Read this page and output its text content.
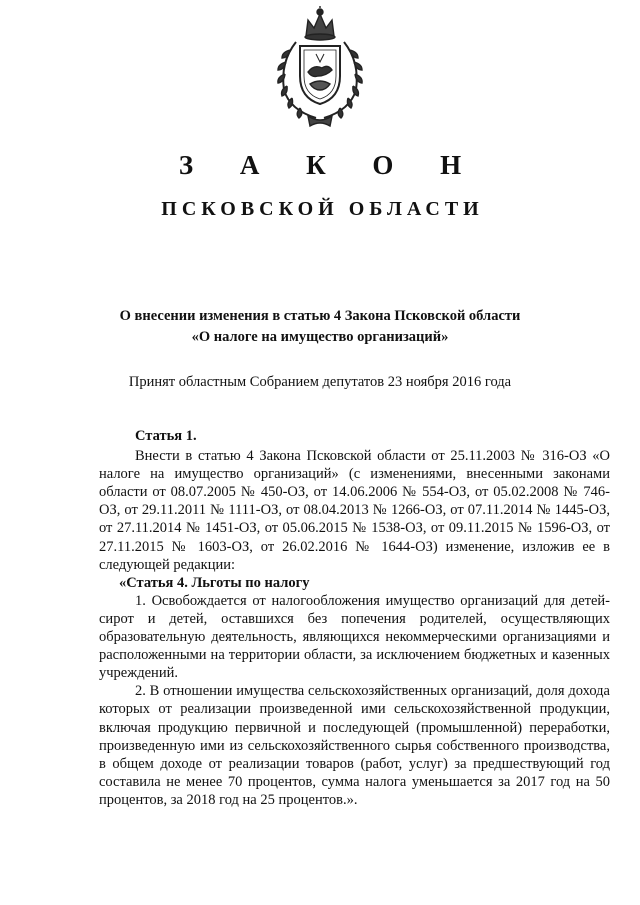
З А К О Н
ПСКОВСКОЙ ОБЛАСТИ
О внесении изменения в статью 4 Закона Псковской области
«О налоге на имущество организаций»
Принят областным Собранием депутатов 23 ноября 2016 года

Статья 1.

Внести в статью 4 Закона Псковской области от 25.11.2003 № 316-ОЗ «О налоге на имущество организаций» (с изменениями, внесенными законами области от 08.07.2005 № 450-ОЗ, от 14.06.2006 № 554-ОЗ, от 05.02.2008 № 746-ОЗ, от 29.11.2011 № 1111-ОЗ, от 08.04.2013 № 1266-ОЗ, от 07.11.2014 № 1445-ОЗ, от 27.11.2014 № 1451-ОЗ, от 05.06.2015 № 1538-ОЗ, от 09.11.2015 № 1596-ОЗ, от 27.11.2015 № 1603-ОЗ, от 26.02.2016 № 1644-ОЗ) изменение, изложив ее в следующей редакции:

«Статья 4. Льготы по налогу

1. Освобождается от налогообложения имущество организаций для детей-сирот и детей, оставшихся без попечения родителей, осуществляющих образовательную деятельность, являющихся некоммерческими организациями и расположенными на территории области, за исключением бюджетных и казенных учреждений.

2. В отношении имущества сельскохозяйственных организаций, доля дохода которых от реализации произведенной ими сельскохозяйственной продукции, включая продукцию первичной и последующей (промышленной) переработки, произведенную ими из сельскохозяйственного сырья собственного производства, в общем доходе от реализации товаров (работ, услуг) за предшествующий год составила не менее 70 процентов, сумма налога уменьшается за 2017 год на 50 процентов, за 2018 год на 25 процентов.».
